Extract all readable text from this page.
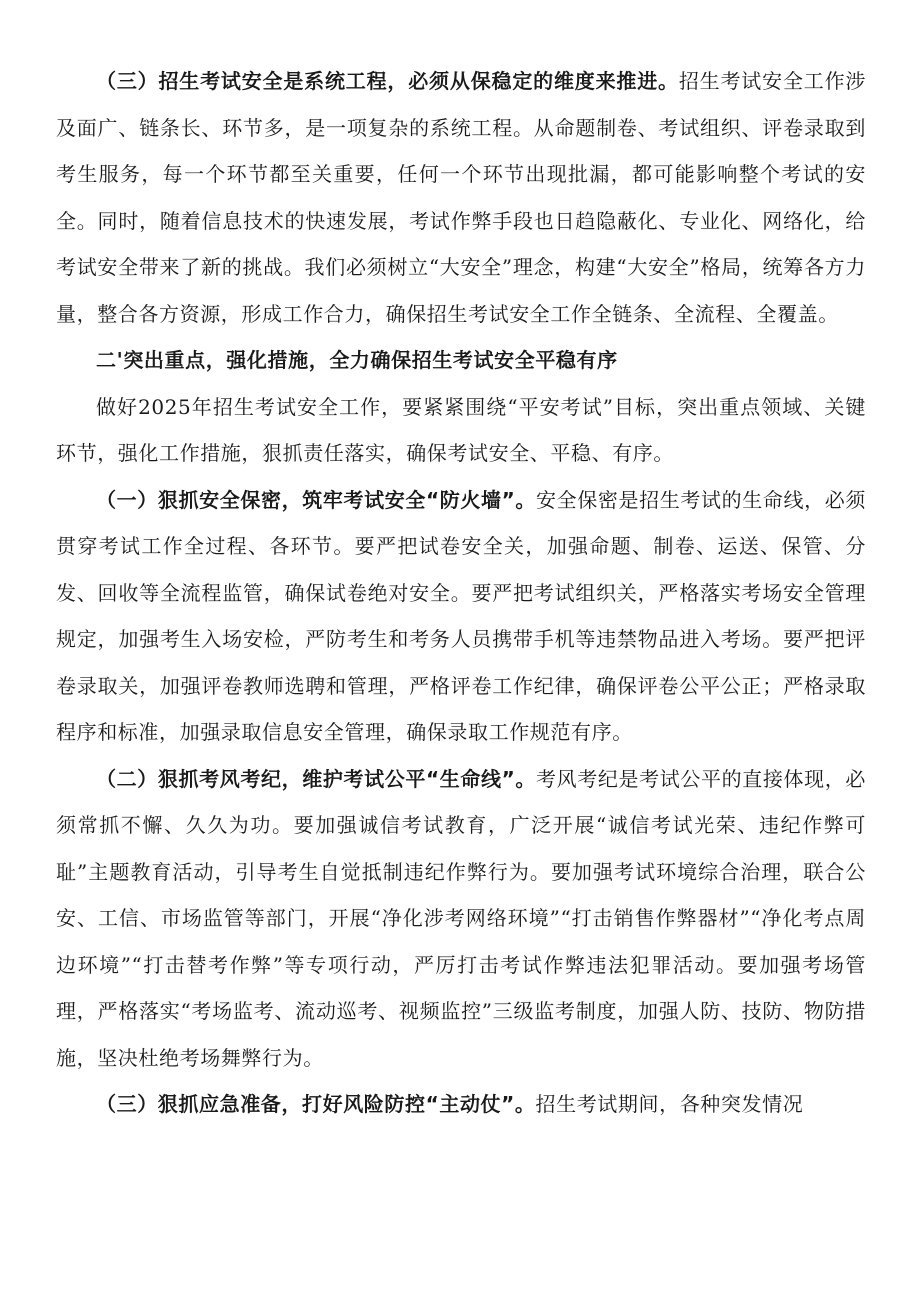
（三）招生考试安全是系统工程，必须从保稳定的维度来推进。招生考试安全工作涉及面广、链条长、环节多，是一项复杂的系统工程。从命题制卷、考试组织、评卷录取到考生服务，每一个环节都至关重要，任何一个环节出现批漏，都可能影响整个考试的安全。同时，随着信息技术的快速发展，考试作弊手段也日趋隐蔽化、专业化、网络化，给考试安全带来了新的挑战。我们必须树立“大安全”理念，构建“大安全”格局，统筹各方力量，整合各方资源，形成工作合力，确保招生考试安全工作全链条、全流程、全覆盖。

二'突出重点，强化措施，全力确保招生考试安全平稳有序

做好2025年招生考试安全工作，要紧紧围绕“平安考试”目标，突出重点领域、关键环节，强化工作措施，狠抓责任落实，确保考试安全、平稳、有序。

（一）狠抓安全保密，筑牢考试安全“防火墙”。安全保密是招生考试的生命线，必须贯穿考试工作全过程、各环节。要严把试卷安全关，加强命题、制卷、运送、保管、分发、回收等全流程监管，确保试卷绝对安全。要严把考试组织关，严格落实考场安全管理规定，加强考生入场安检，严防考生和考务人员携带手机等违禁物品进入考场。要严把评卷录取关，加强评卷教师选聘和管理，严格评卷工作纪律，确保评卷公平公正；严格录取程序和标准，加强录取信息安全管理，确保录取工作规范有序。

（二）狠抓考风考纪，维护考试公平“生命线”。考风考纪是考试公平的直接体现，必须常抓不懈、久久为功。要加强诚信考试教育，广泛开展“诚信考试光荣、违纪作弊可耻”主题教育活动，引导考生自觉抵制违纪作弊行为。要加强考试环境综合治理，联合公安、工信、市场监管等部门，开展“净化涉考网络环境”“打击销售作弊器材”“净化考点周边环境”“打击替考作弊”等专项行动，严厉打击考试作弊违法犯罪活动。要加强考场管理，严格落实“考场监考、流动巡考、视频监控”三级监考制度，加强人防、技防、物防措施，坚决杜绝考场舞弊行为。

（三）狠抓应急准备，打好风险防控“主动仗”。招生考试期间，各种突发情况
